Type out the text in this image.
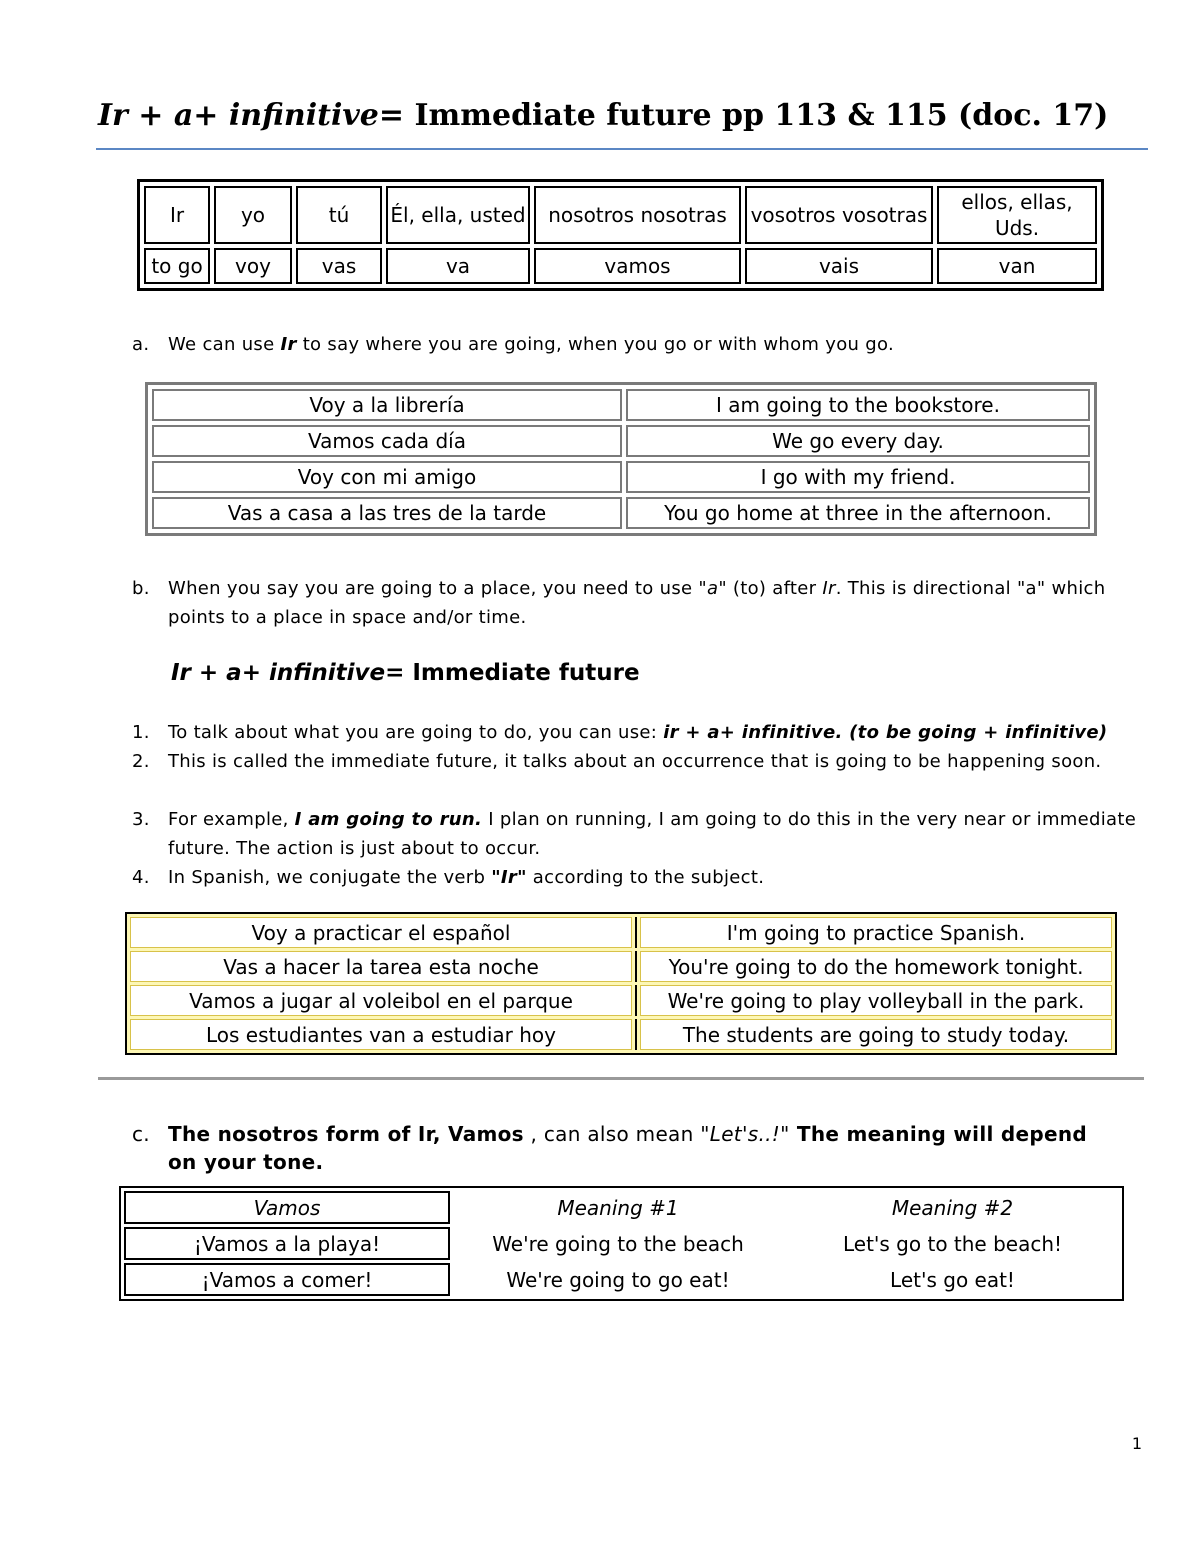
Ir + a+ infinitive= Immediate future pp 113 & 115 (doc. 17)
Ir	yo	tú	Él, ella, usted	nosotros nosotras	vosotros vosotras	ellos, ellas, Uds.
to go	voy	vas	va	vamos	vais	van
a. We can use Ir to say where you are going, when you go or with whom you go.
Voy a la librería	I am going to the bookstore.
Vamos cada día	We go every day.
Voy con mi amigo	I go with my friend.
Vas a casa a las tres de la tarde	You go home at three in the afternoon.
b. When you say you are going to a place, you need to use "a" (to) after Ir. This is directional "a" which points to a place in space and/or time.
Ir + a+ infinitive= Immediate future
1. To talk about what you are going to do, you can use: ir + a+ infinitive. (to be going + infinitive)
2. This is called the immediate future, it talks about an occurrence that is going to be happening soon.
3. For example, I am going to run. I plan on running, I am going to do this in the very near or immediate future. The action is just about to occur.
4. In Spanish, we conjugate the verb "Ir" according to the subject.
Voy a practicar el español		I'm going to practice Spanish.
Vas a hacer la tarea esta noche		You're going to do the homework tonight.
Vamos a jugar al voleibol en el parque		We're going to play volleyball in the park.
Los estudiantes van a estudiar hoy		The students are going to study today.
c. The nosotros form of Ir, Vamos , can also mean "Let's..!" The meaning will depend on your tone.
Vamos	Meaning #1	Meaning #2
¡Vamos a la playa!	We're going to the beach	Let's go to the beach!
¡Vamos a comer!	We're going to go eat!	Let's go eat!
1
